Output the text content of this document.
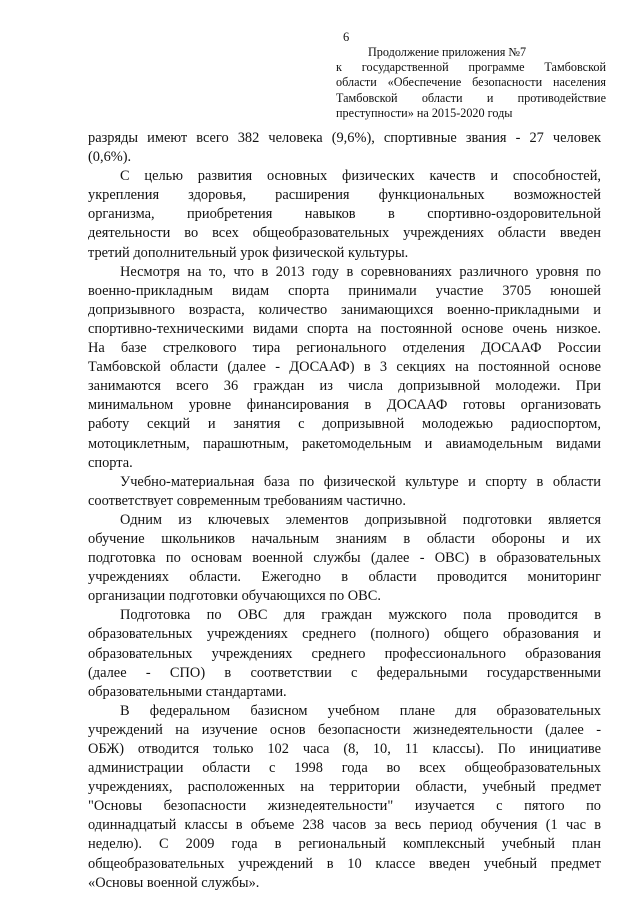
6
Продолжение приложения №7
к государственной программе Тамбовской
области «Обеспечение безопасности населения
Тамбовской области и противодействие
преступности» на 2015-2020 годы
разряды имеют всего 382 человека (9,6%), спортивные звания - 27 человек
(0,6%).
С целью развития основных физических качеств и способностей,
укрепления здоровья, расширения функциональных возможностей
организма, приобретения навыков в спортивно-оздоровительной
деятельности во всех общеобразовательных учреждениях области введен
третий дополнительный урок физической культуры.
Несмотря на то, что в 2013 году в соревнованиях различного уровня по
военно-прикладным видам спорта принимали участие 3705 юношей
допризывного возраста, количество занимающихся военно-прикладными и
спортивно-техническими видами спорта на постоянной основе очень низкое.
На базе стрелкового тира регионального отделения ДОСААФ России
Тамбовской области (далее - ДОСААФ) в 3 секциях на постоянной основе
занимаются всего 36 граждан из числа допризывной молодежи. При
минимальном уровне финансирования в ДОСААФ готовы организовать
работу секций и занятия с допризывной молодежью радиоспортом,
мотоциклетным, парашютным, ракетомодельным и авиамодельным видами
спорта.
Учебно-материальная база по физической культуре и спорту в области
соответствует современным требованиям частично.
Одним из ключевых элементов допризывной подготовки является
обучение школьников начальным знаниям в области обороны и их
подготовка по основам военной службы (далее - ОВС) в образовательных
учреждениях области. Ежегодно в области проводится мониторинг
организации подготовки обучающихся по ОВС.
Подготовка по ОВС для граждан мужского пола проводится в
образовательных учреждениях среднего (полного) общего образования и
образовательных учреждениях среднего профессионального образования
(далее - СПО) в соответствии с федеральными государственными
образовательными стандартами.
В федеральном базисном учебном плане для образовательных
учреждений на изучение основ безопасности жизнедеятельности (далее -
ОБЖ) отводится только 102 часа (8, 10, 11 классы). По инициативе
администрации области с 1998 года во всех общеобразовательных
учреждениях, расположенных на территории области, учебный предмет
"Основы безопасности жизнедеятельности" изучается с пятого по
одиннадцатый классы в объеме 238 часов за весь период обучения (1 час в
неделю). С 2009 года в региональный комплексный учебный план
общеобразовательных учреждений в 10 классе введен учебный предмет
«Основы военной службы».
